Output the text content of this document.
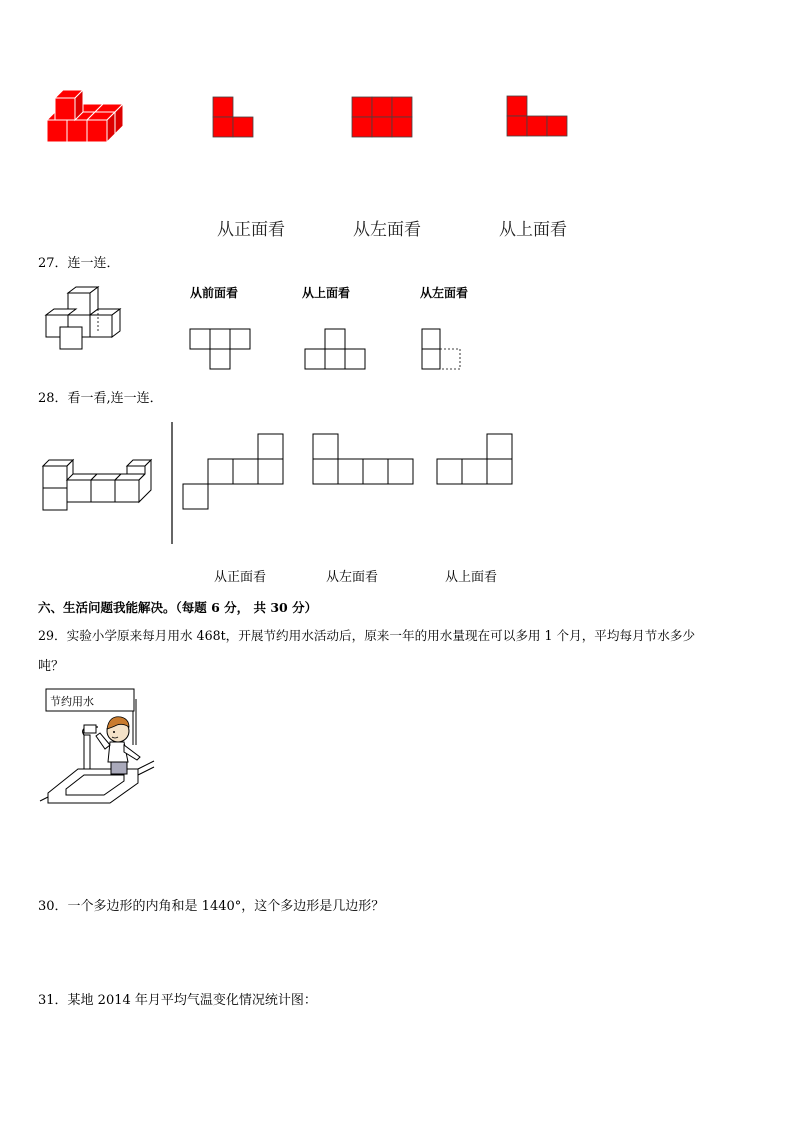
从正面看	从左面看	从上面看
27．连一连．
从前面看	从上面看	从左面看
28．看一看,连一连．
从正面看	从左面看	从上面看
六、生活问题我能解决。（每题 6 分， 共 30 分）
29．实验小学原来每月用水 468t，开展节约用水活动后，原来一年的用水量现在可以多用 1 个月，平均每月节水多少
吨？
节约用水
30．一个多边形的内角和是 1440°，这个多边形是几边形？
31．某地 2014 年月平均气温变化情况统计图：
